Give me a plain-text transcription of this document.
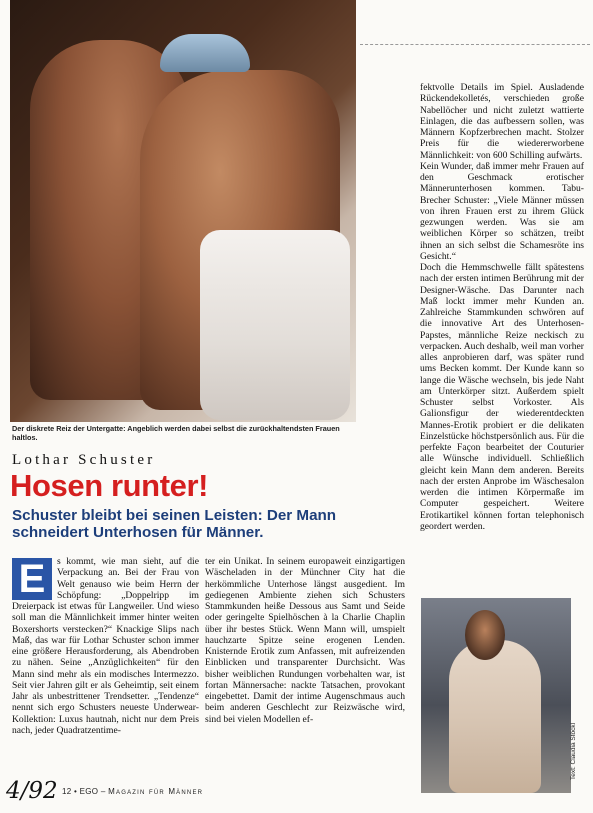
Der diskrete Reiz der Untergatte: Angeblich werden dabei selbst die zurückhaltendsten Frauen haltlos.
Lothar Schuster
Hosen runter!
Schuster bleibt bei seinen Leisten: Der Mann schneidert Unterhosen für Männer.
E	s kommt, wie man sieht, auf die Verpackung an. Bei der Frau von Welt genauso wie beim Herrn der Schöpfung: „Doppelripp im Dreierpack ist etwas für Langweiler. Und wieso soll man die Männlichkeit immer hinter weiten Boxershorts verstecken?“ Knackige Slips nach Maß, das war für Lothar Schuster schon immer eine größere Herausforderung, als Abendroben zu nähen. Seine „Anzüglichkeiten“ für den Mann sind mehr als ein modisches Intermezzo. Seit vier Jahren gilt er als Geheimtip, seit einem Jahr als unbestrittener Trendsetter. „Tendenze“ nennt sich ergo Schusters neueste Underwear-Kollektion: Luxus hautnah, nicht nur dem Preis nach, jeder Quadratzentime-

ter ein Unikat. In seinem europaweit einzigartigen Wäscheladen in der Münchner City hat die herkömmliche Unterhose längst ausgedient. Im gediegenen Ambiente ziehen sich Schusters Stammkunden heiße Dessous aus Samt und Seide oder geringelte Spielhöschen à la Charlie Chaplin über ihr bestes Stück. Wenn Mann will, umspielt hauchzarte Spitze seine erogenen Lenden. Knisternde Erotik zum Anfassen, mit aufreizenden Einblicken und transparenter Durchsicht. Was bisher weiblichen Rundungen vorbehalten war, ist fortan Männersache: nackte Tatsachen, provokant eingebettet. Damit der intime Augenschmaus auch beim anderen Geschlecht zur Reizwäsche wird, sind bei vielen Modellen ef-

fektvolle Details im Spiel. Ausladende Rückendekolletés, verschieden große Nabellöcher und nicht zuletzt wattierte Einlagen, die das aufbessern sollen, was Männern Kopfzerbrechen macht. Stolzer Preis für die wiedererworbene Männlichkeit: von 600 Schilling aufwärts.

Kein Wunder, daß immer mehr Frauen auf den Geschmack erotischer Männerunterhosen kommen. Tabu-Brecher Schuster: „Viele Männer müssen von ihren Frauen erst zu ihrem Glück gezwungen werden. Was sie am weiblichen Körper so schätzen, treibt ihnen an sich selbst die Schamesröte ins Gesicht.“

Doch die Hemmschwelle fällt spätestens nach der ersten intimen Berührung mit der Designer-Wäsche. Das Darunter nach Maß lockt immer mehr Kunden an. Zahlreiche Stammkunden schwören auf die innovative Art des Unterhosen-Papstes, männliche Reize neckisch zu verpacken. Auch deshalb, weil man vorher alles anprobieren darf, was später rund ums Becken kommt. Der Kunde kann so lange die Wäsche wechseln, bis jede Naht am Unterkörper sitzt. Außerdem spielt Schuster selbst Vorkoster. Als Galionsfigur der wiederentdeckten Mannes-Erotik probiert er die delikaten Einzelstücke höchstpersönlich aus. Für die perfekte Façon bearbeitet der Couturier alle Wünsche individuell. Schließlich gleicht kein Mann dem anderen. Bereits nach der ersten Anprobe im Wäschesalon werden die intimen Körpermaße im Computer gespeichert. Weitere Erotikartikel können fortan telephonisch geordert werden.

Text: Claudia Stöckl
4/92 12 • EGO – Magazin für Männer
